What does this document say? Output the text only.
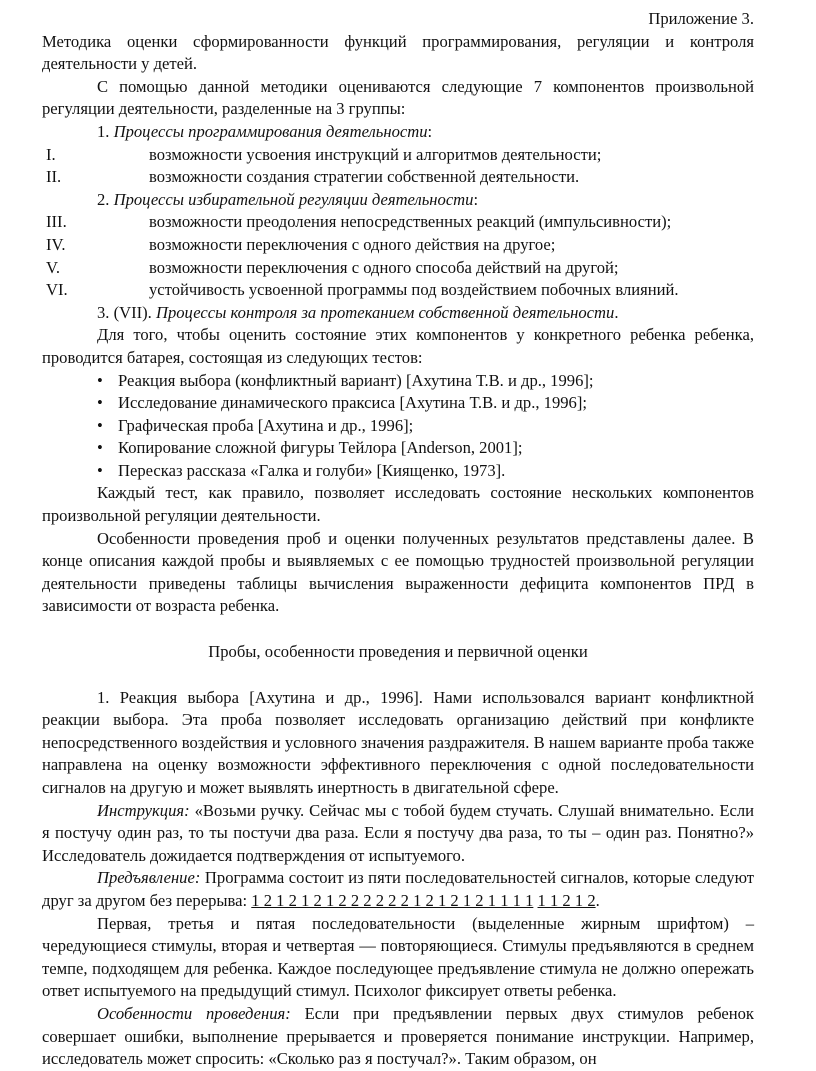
Приложение 3.

Методика оценки сформированности функций программирования, регуляции и контроля деятельности у детей.

С помощью данной методики оцениваются следующие 7 компонентов произвольной регуляции деятельности, разделенные на 3 группы:

1. Процессы программирования деятельности:

I.	возможности усвоения инструкций и алгоритмов деятельности;
II.	возможности создания стратегии собственной деятельности.

2. Процессы избирательной регуляции деятельности:

III.	возможности преодоления непосредственных реакций (импульсивности);
IV.	возможности переключения с одного действия на другое;
V.	возможности переключения с одного способа действий на другой;
VI.	устойчивость усвоенной программы под воздействием побочных влияний.

3. (VII). Процессы контроля за протеканием собственной деятельности.

Для того, чтобы оценить состояние этих компонентов у конкретного ребенка ребенка, проводится батарея, состоящая из следующих тестов:

• Реакция выбора (конфликтный вариант) [Ахутина Т.В. и др., 1996];
• Исследование динамического праксиса [Ахутина Т.В. и др., 1996];
• Графическая проба [Ахутина и др., 1996];
• Копирование сложной фигуры Тейлора [Anderson, 2001];
• Пересказ рассказа «Галка и голуби» [Киященко, 1973].

Каждый тест, как правило, позволяет исследовать состояние нескольких компонентов произвольной регуляции деятельности.

Особенности проведения проб и оценки полученных результатов представлены далее. В конце описания каждой пробы и выявляемых с ее помощью трудностей произвольной регуляции деятельности приведены таблицы вычисления выраженности дефицита компонентов ПРД в зависимости от возраста ребенка.

Пробы, особенности проведения и первичной оценки

1. Реакция выбора [Ахутина и др., 1996]. Нами использовался вариант конфликтной реакции выбора. Эта проба позволяет исследовать организацию действий при конфликте непосредственного воздействия и условного значения раздражителя. В нашем варианте проба также направлена на оценку возможности эффективного переключения с одной последовательности сигналов на другую и может выявлять инертность в двигательной сфере.

Инструкция: «Возьми ручку. Сейчас мы с тобой будем стучать. Слушай внимательно. Если я постучу один раз, то ты постучи два раза. Если я постучу два раза, то ты – один раз. Понятно?» Исследователь дожидается подтверждения от испытуемого.

Предъявление: Программа состоит из пяти последовательностей сигналов, которые следуют друг за другом без перерыва: 1 2 1 2 1 2 1 2 2 2 2 2 2 1 2 1 2 1 2 1 1 1 1 1 1 2 1 2.

Первая, третья и пятая последовательности (выделенные жирным шрифтом) – чередующиеся стимулы, вторая и четвертая — повторяющиеся. Стимулы предъявляются в среднем темпе, подходящем для ребенка. Каждое последующее предъявление стимула не должно опережать ответ испытуемого на предыдущий стимул. Психолог фиксирует ответы ребенка.

Особенности проведения: Если при предъявлении первых двух стимулов ребенок совершает ошибки, выполнение прерывается и проверяется понимание инструкции. Например, исследователь может спросить: «Сколько раз я постучал?». Таким образом, он
